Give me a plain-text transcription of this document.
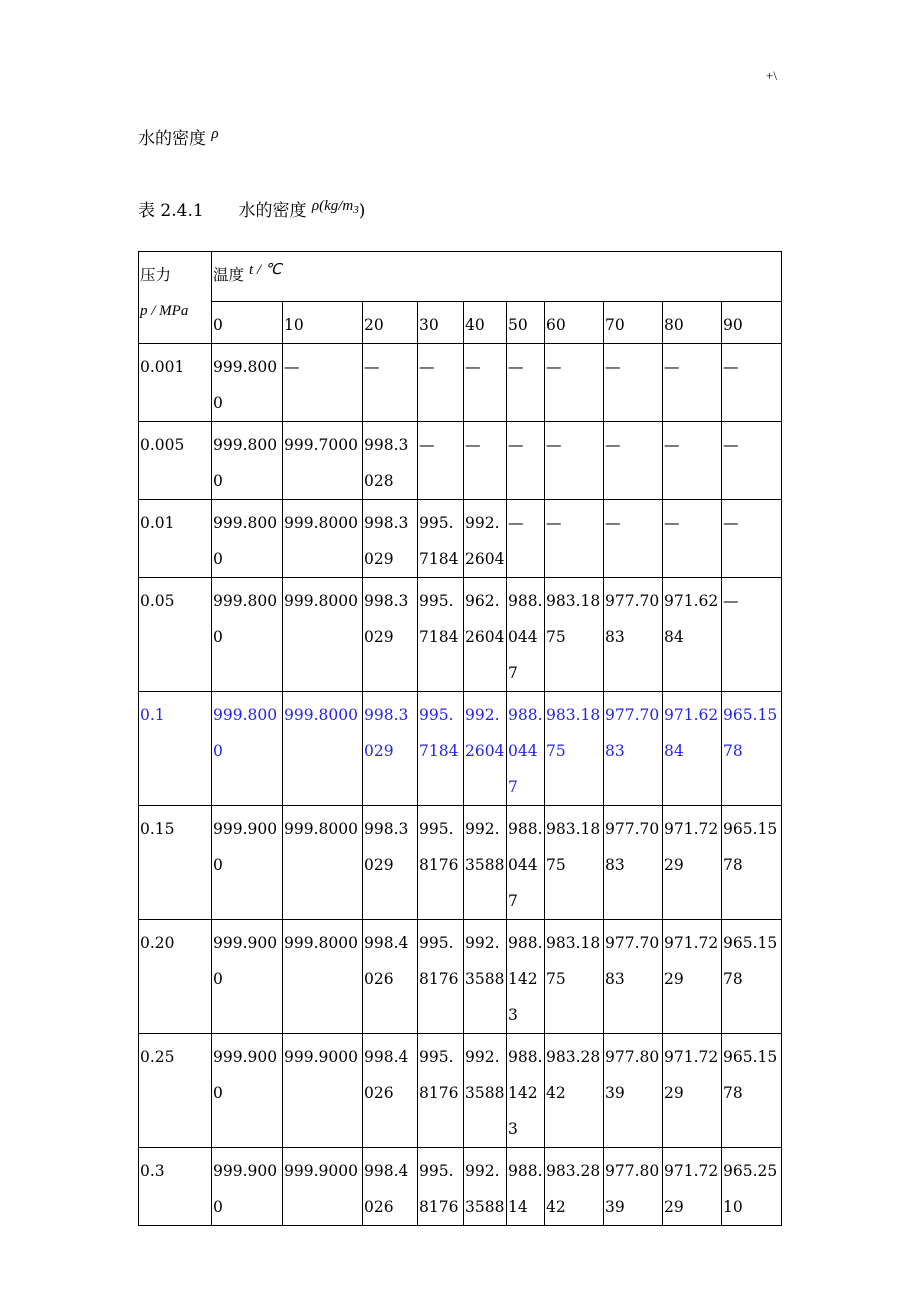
+\
水的密度 ρ
表 2.4.1 水的密度 $\rho(kg/m_3)$
压力
p / MPa	温度 t / ℃									
	0	10	20	30	40	50	60	70	80	90
0.001	999.8000	—	—	—	—	—	—	—	—	—
0.005	999.8000	999.7000	998.3028	—	—	—	—	—	—	—
0.01	999.8000	999.8000	998.3029	995.7184	992.2604	—	—	—	—	—
0.05	999.8000	999.8000	998.3029	995.7184	962.2604	988.0447	983.1875	977.7083	971.6284	—
0.1	999.8000	999.8000	998.3029	995.7184	992.2604	988.0447	983.1875	977.7083	971.6284	965.1578
0.15	999.9000	999.8000	998.3029	995.8176	992.3588	988.0447	983.1875	977.7083	971.7229	965.1578
0.20	999.9000	999.8000	998.4026	995.8176	992.3588	988.1423	983.1875	977.7083	971.7229	965.1578
0.25	999.9000	999.9000	998.4026	995.8176	992.3588	988.1423	983.2842	977.8039	971.7229	965.1578
0.3	999.9000	999.9000	998.4026	995.8176	992.3588	988.14	983.2842	977.8039	971.7229	965.2510
